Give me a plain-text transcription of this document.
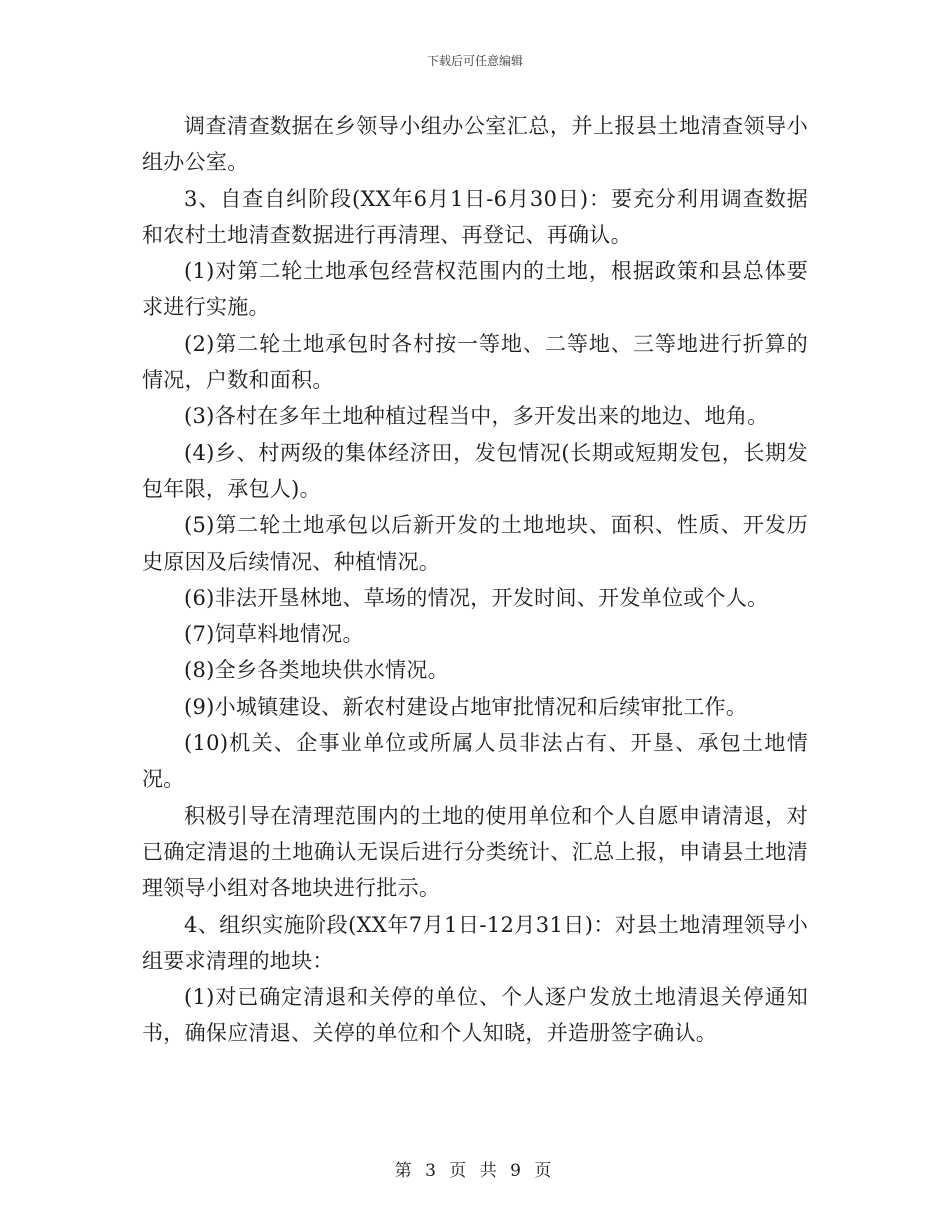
下载后可任意编辑

调查清查数据在乡领导小组办公室汇总，并上报县土地清查领导小组办公室。

3、自查自纠阶段(XX年6月1日-6月30日)：要充分利用调查数据和农村土地清查数据进行再清理、再登记、再确认。

(1)对第二轮土地承包经营权范围内的土地，根据政策和县总体要求进行实施。

(2)第二轮土地承包时各村按一等地、二等地、三等地进行折算的情况，户数和面积。

(3)各村在多年土地种植过程当中，多开发出来的地边、地角。

(4)乡、村两级的集体经济田，发包情况(长期或短期发包，长期发包年限，承包人)。

(5)第二轮土地承包以后新开发的土地地块、面积、性质、开发历史原因及后续情况、种植情况。

(6)非法开垦林地、草场的情况，开发时间、开发单位或个人。

(7)饲草料地情况。

(8)全乡各类地块供水情况。

(9)小城镇建设、新农村建设占地审批情况和后续审批工作。

(10)机关、企事业单位或所属人员非法占有、开垦、承包土地情况。

积极引导在清理范围内的土地的使用单位和个人自愿申请清退，对已确定清退的土地确认无误后进行分类统计、汇总上报，申请县土地清理领导小组对各地块进行批示。

4、组织实施阶段(XX年7月1日-12月31日)：对县土地清理领导小组要求清理的地块：

(1)对已确定清退和关停的单位、个人逐户发放土地清退关停通知书，确保应清退、关停的单位和个人知晓，并造册签字确认。

第 3 页 共 9 页
